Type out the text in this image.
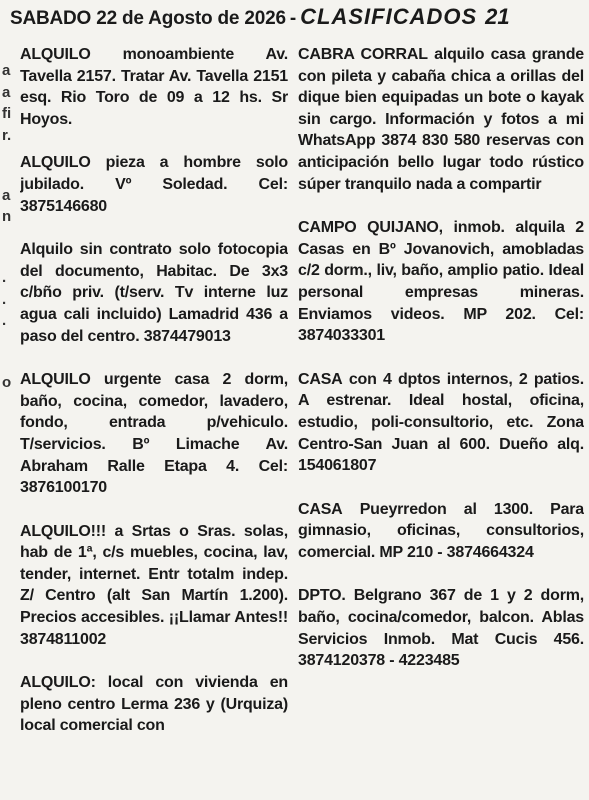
SABADO 22 de Agosto de 2026 - CLASIFICADOS 21
a
a
fi
r.
a
n
.
.
.
o

ALQUILO monoambiente Av. Tavella 2157. Tratar Av. Tavella 2151 esq. Rio Toro de 09 a 12 hs. Sr Hoyos.

ALQUILO pieza a hombre solo jubilado. Vº Soledad. Cel: 3875146680

Alquilo sin contrato solo fotocopia del documento, Habitac. De 3x3 c/bño priv. (t/serv. Tv interne luz agua cali incluido) Lamadrid 436 a paso del centro. 3874479013

ALQUILO urgente casa 2 dorm, baño, cocina, comedor, lavadero, fondo, entrada p/vehiculo. T/servicios. Bº Limache Av. Abraham Ralle Etapa 4. Cel: 3876100170

ALQUILO!!! a Srtas o Sras. solas, hab de 1ª, c/s muebles, cocina, lav, tender, internet. Entr totalm indep. Z/ Centro (alt San Martín 1.200). Precios accesibles. ¡¡Llamar Antes!! 3874811002

ALQUILO: local con vivienda en pleno centro Lerma 236 y (Urquiza) local comercial con

CABRA CORRAL alquilo casa grande con pileta y cabaña chica a orillas del dique bien equipadas un bote o kayak sin cargo. Información y fotos a mi WhatsApp 3874 830 580 reservas con anticipación bello lugar todo rústico súper tranquilo nada a compartir

CAMPO QUIJANO, inmob. alquila 2 Casas en Bº Jovanovich, amobladas c/2 dorm., liv, baño, amplio patio. Ideal personal empresas mineras. Enviamos videos. MP 202. Cel: 3874033301

CASA con 4 dptos internos, 2 patios. A estrenar. Ideal hostal, oficina, estudio, poli-consultorio, etc. Zona Centro-San Juan al 600. Dueño alq. 154061807

CASA Pueyrredon al 1300. Para gimnasio, oficinas, consultorios, comercial. MP 210 - 3874664324

DPTO. Belgrano 367 de 1 y 2 dorm, baño, cocina/comedor, balcon. Ablas Servicios Inmob. Mat Cucis 456. 3874120378 - 4223485
